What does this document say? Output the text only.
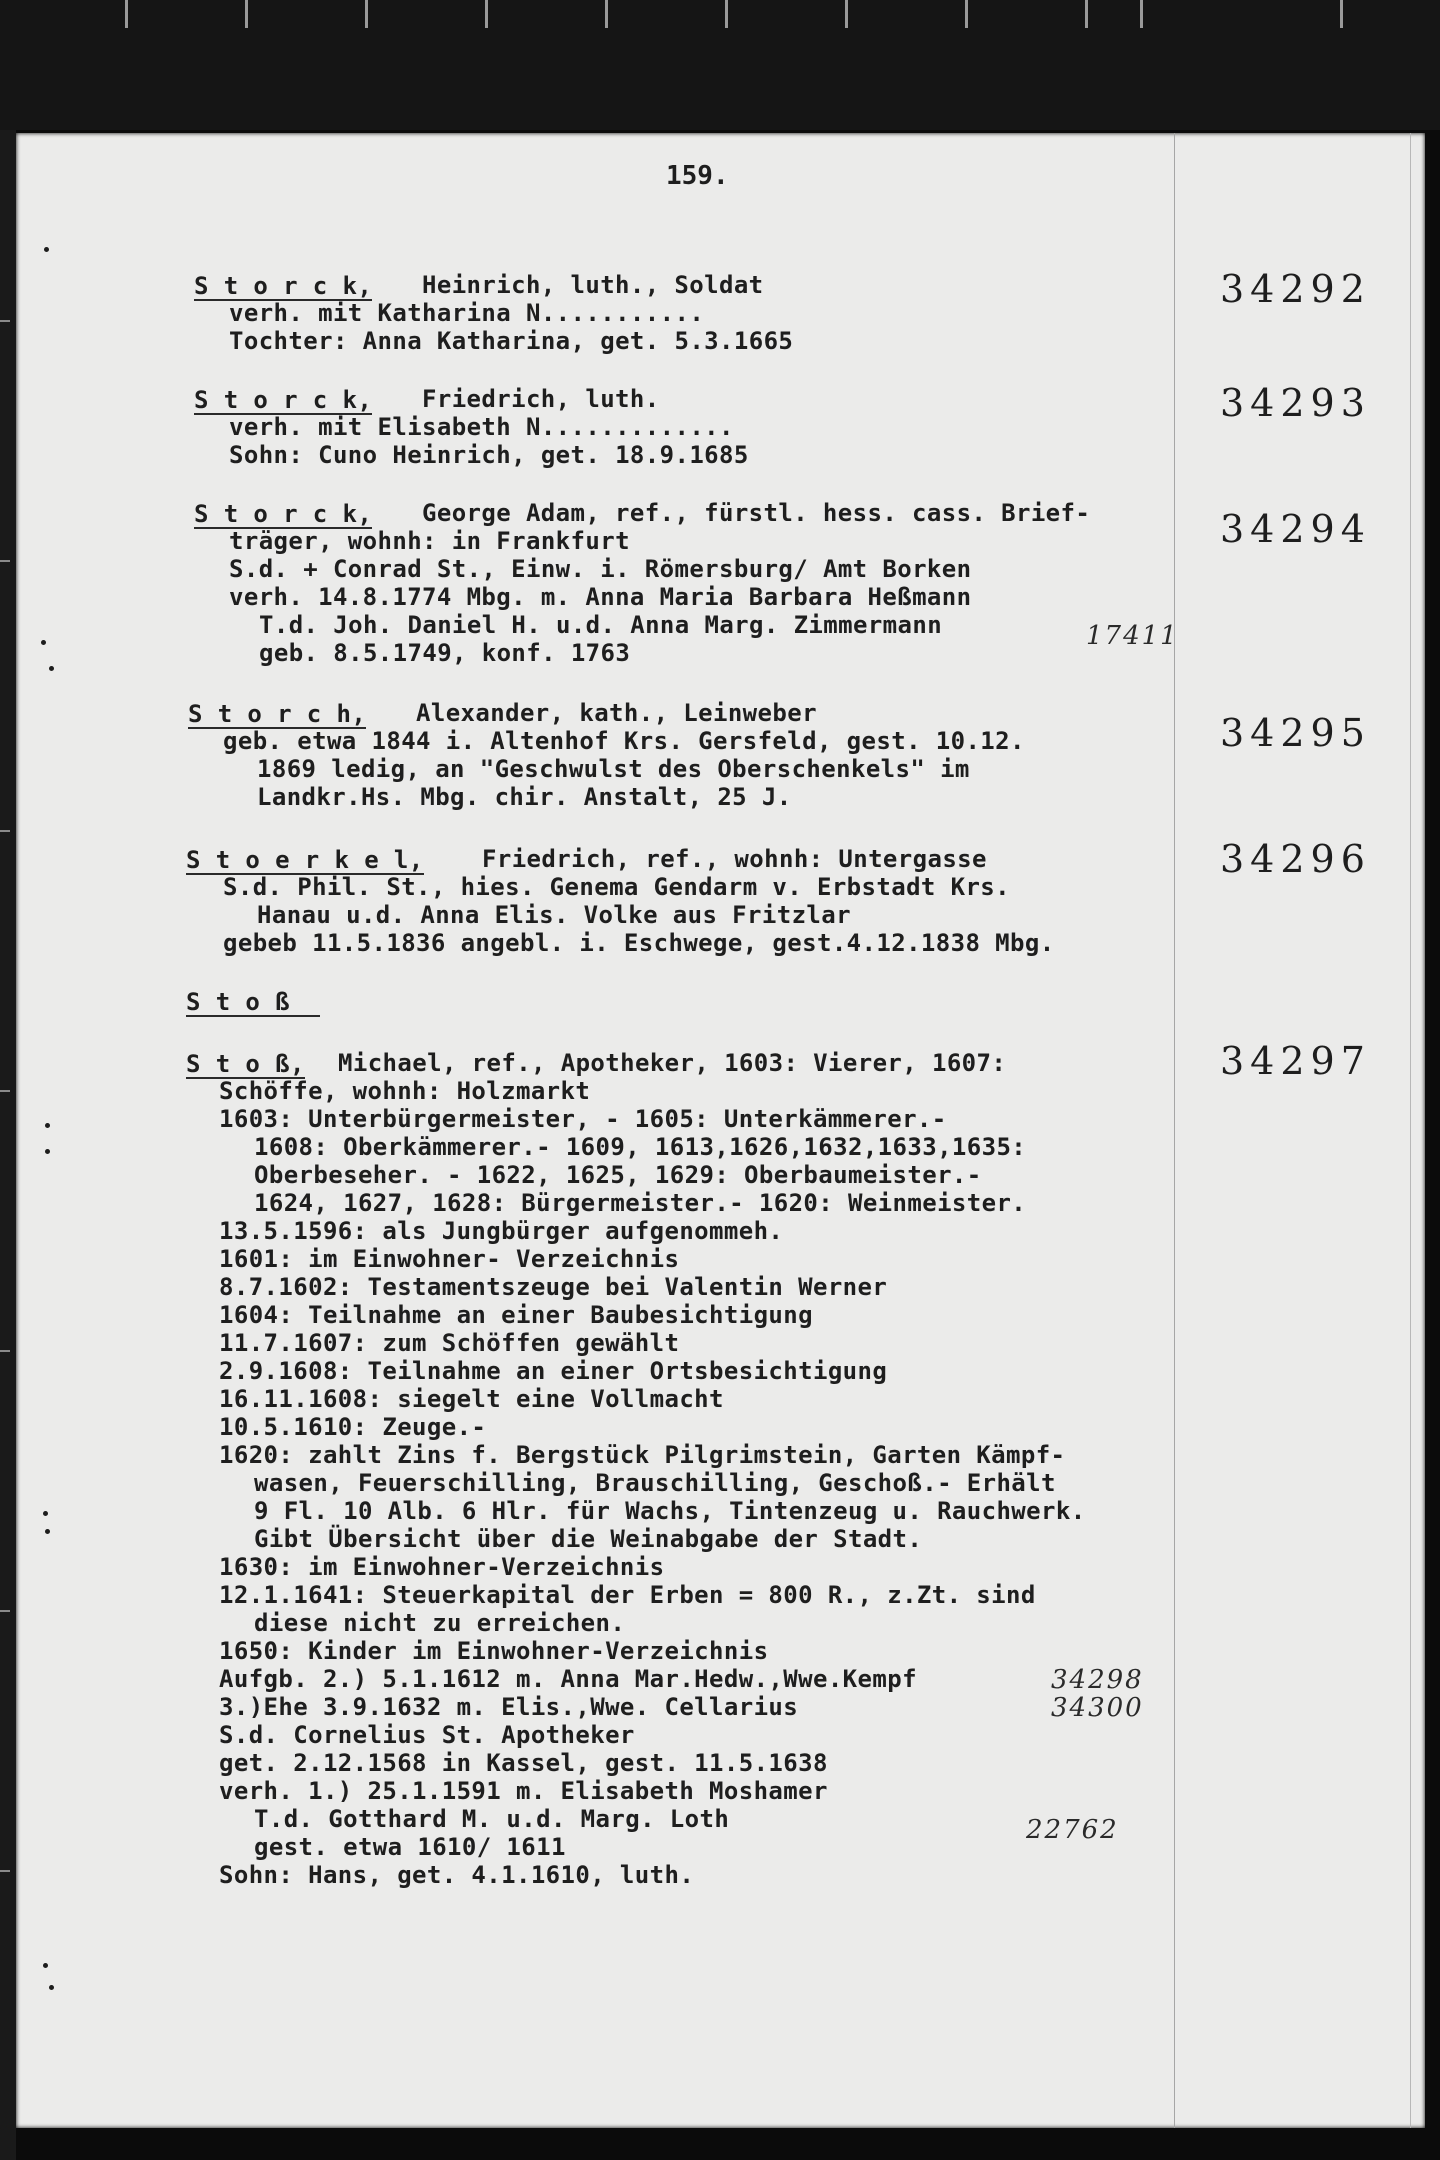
159.
S t o r c k, Heinrich, luth., Soldat
verh. mit Katharina N...........
Tochter: Anna Katharina, get. 5.3.1665
34292
S t o r c k, Friedrich, luth.
verh. mit Elisabeth N.............
Sohn: Cuno Heinrich, get. 18.9.1685
34293
S t o r c k, George Adam, ref., fürstl. hess. cass. Brief-
träger, wohnh: in Frankfurt
S.d. + Conrad St., Einw. i. Römersburg/ Amt Borken
verh. 14.8.1774 Mbg. m. Anna Maria Barbara Heßmann
T.d. Joh. Daniel H. u.d. Anna Marg. Zimmermann
geb. 8.5.1749, konf. 1763
17411
34294
S t o r c h, Alexander, kath., Leinweber
geb. etwa 1844 i. Altenhof Krs. Gersfeld, gest. 10.12.
1869 ledig, an "Geschwulst des Oberschenkels" im
Landkr.Hs. Mbg. chir. Anstalt, 25 J.
34295
S t o e r k e l, Friedrich, ref., wohnh: Untergasse
S.d. Phil. St., hies. Genema Gendarm v. Erbstadt Krs.
Hanau u.d. Anna Elis. Volke aus Fritzlar
gebeb 11.5.1836 angebl. i. Eschwege, gest.4.12.1838 Mbg.
34296
S t o ß
S t o ß, Michael, ref., Apotheker, 1603: Vierer, 1607:
Schöffe, wohnh: Holzmarkt
1603: Unterbürgermeister, - 1605: Unterkämmerer.-
1608: Oberkämmerer.- 1609, 1613,1626,1632,1633,1635:
Oberbeseher. - 1622, 1625, 1629: Oberbaumeister.-
1624, 1627, 1628: Bürgermeister.- 1620: Weinmeister.
13.5.1596: als Jungbürger aufgenommeh.
1601: im Einwohner- Verzeichnis
8.7.1602: Testamentszeuge bei Valentin Werner
1604: Teilnahme an einer Baubesichtigung
11.7.1607: zum Schöffen gewählt
2.9.1608: Teilnahme an einer Ortsbesichtigung
16.11.1608: siegelt eine Vollmacht
10.5.1610: Zeuge.-
1620: zahlt Zins f. Bergstück Pilgrimstein, Garten Kämpf-
wasen, Feuerschilling, Brauschilling, Geschoß.- Erhält
9 Fl. 10 Alb. 6 Hlr. für Wachs, Tintenzeug u. Rauchwerk.
Gibt Übersicht über die Weinabgabe der Stadt.
1630: im Einwohner-Verzeichnis
12.1.1641: Steuerkapital der Erben = 800 R., z.Zt. sind
diese nicht zu erreichen.
1650: Kinder im Einwohner-Verzeichnis
Aufgb. 2.) 5.1.1612 m. Anna Mar.Hedw.,Wwe.Kempf
3.)Ehe 3.9.1632 m. Elis.,Wwe. Cellarius
S.d. Cornelius St. Apotheker
get. 2.12.1568 in Kassel, gest. 11.5.1638
verh. 1.) 25.1.1591 m. Elisabeth Moshamer
T.d. Gotthard M. u.d. Marg. Loth
gest. etwa 1610/ 1611
Sohn: Hans, get. 4.1.1610, luth.
34298
34300
22762
34297
